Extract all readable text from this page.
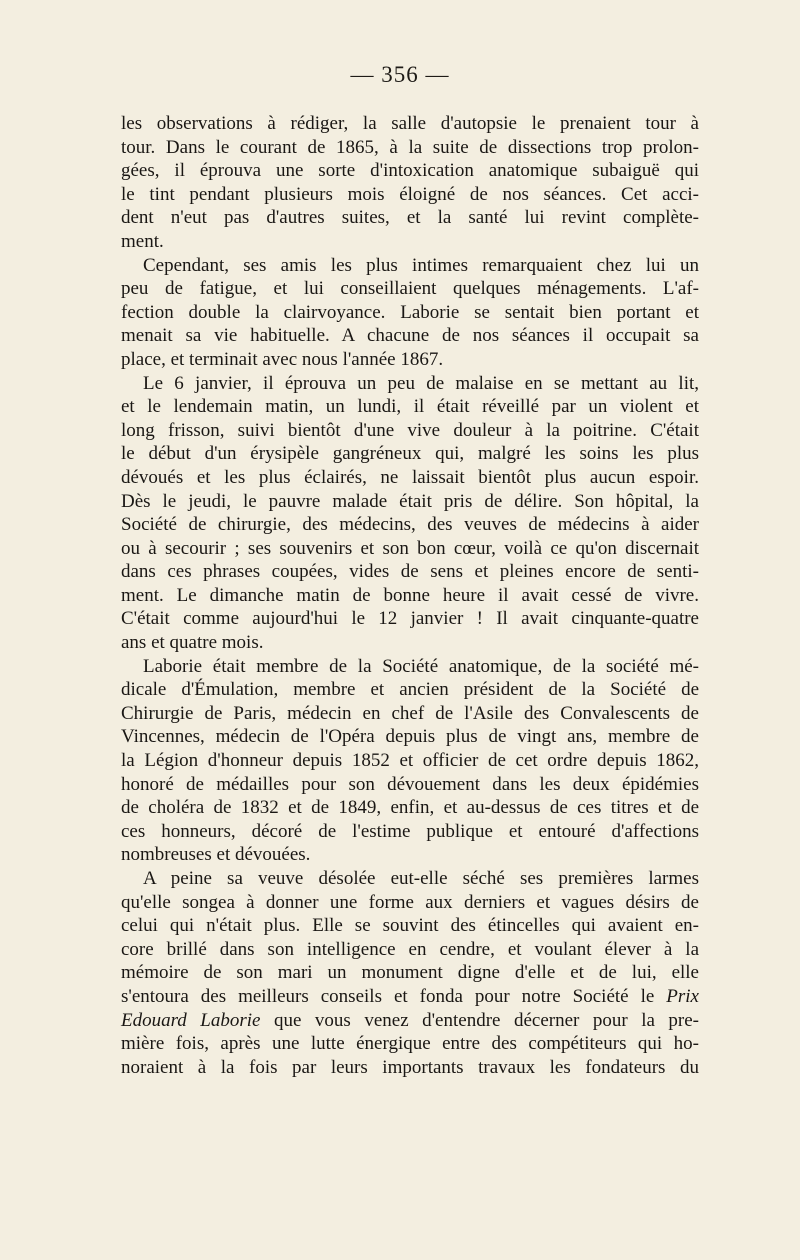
— 356 —
les observations à rédiger, la salle d'autopsie le prenaient tour à
tour. Dans le courant de 1865, à la suite de dissections trop prolon-
gées, il éprouva une sorte d'intoxication anatomique subaiguë qui
le tint pendant plusieurs mois éloigné de nos séances. Cet acci-
dent n'eut pas d'autres suites, et la santé lui revint complète-
ment.
Cependant, ses amis les plus intimes remarquaient chez lui un
peu de fatigue, et lui conseillaient quelques ménagements. L'af-
fection double la clairvoyance. Laborie se sentait bien portant et
menait sa vie habituelle. A chacune de nos séances il occupait sa
place, et terminait avec nous l'année 1867.
Le 6 janvier, il éprouva un peu de malaise en se mettant au lit,
et le lendemain matin, un lundi, il était réveillé par un violent et
long frisson, suivi bientôt d'une vive douleur à la poitrine. C'était
le début d'un érysipèle gangréneux qui, malgré les soins les plus
dévoués et les plus éclairés, ne laissait bientôt plus aucun espoir.
Dès le jeudi, le pauvre malade était pris de délire. Son hôpital, la
Société de chirurgie, des médecins, des veuves de médecins à aider
ou à secourir ; ses souvenirs et son bon cœur, voilà ce qu'on discernait
dans ces phrases coupées, vides de sens et pleines encore de senti-
ment. Le dimanche matin de bonne heure il avait cessé de vivre.
C'était comme aujourd'hui le 12 janvier ! Il avait cinquante-quatre
ans et quatre mois.
Laborie était membre de la Société anatomique, de la société mé-
dicale d'Émulation, membre et ancien président de la Société de
Chirurgie de Paris, médecin en chef de l'Asile des Convalescents de
Vincennes, médecin de l'Opéra depuis plus de vingt ans, membre de
la Légion d'honneur depuis 1852 et officier de cet ordre depuis 1862,
honoré de médailles pour son dévouement dans les deux épidémies
de choléra de 1832 et de 1849, enfin, et au-dessus de ces titres et de
ces honneurs, décoré de l'estime publique et entouré d'affections
nombreuses et dévouées.
A peine sa veuve désolée eut-elle séché ses premières larmes
qu'elle songea à donner une forme aux derniers et vagues désirs de
celui qui n'était plus. Elle se souvint des étincelles qui avaient en-
core brillé dans son intelligence en cendre, et voulant élever à la
mémoire de son mari un monument digne d'elle et de lui, elle
s'entoura des meilleurs conseils et fonda pour notre Société le Prix
Edouard Laborie que vous venez d'entendre décerner pour la pre-
mière fois, après une lutte énergique entre des compétiteurs qui ho-
noraient à la fois par leurs importants travaux les fondateurs du
